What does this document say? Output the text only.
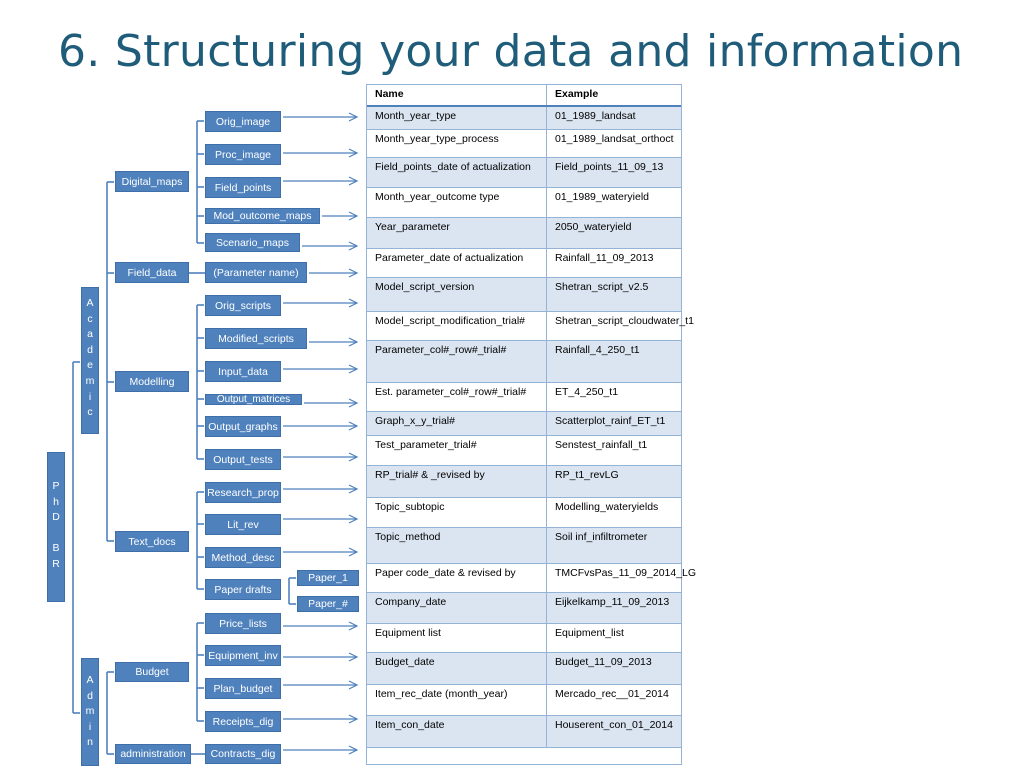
6. Structuring your data and information
P
h
D

B
R
A
c
a
d
e
m
i
c
A
d
m
i
n
Digital_maps
Field_data
Modelling
Text_docs
Budget
administration
Orig_image
Proc_image
Field_points
Mod_outcome_maps
Scenario_maps
(Parameter name)
Orig_scripts
Modified_scripts
Input_data
Output_matrices
Output_graphs
Output_tests
Research_prop
Lit_rev
Method_desc
Paper drafts
Price_lists
Equipment_inv
Plan_budget
Receipts_dig
Contracts_dig
Paper_1
Paper_#
Name	Example
Month_year_type	01_1989_landsat
Month_year_type_process	01_1989_landsat_orthoct
Field_points_date of actualization	Field_points_11_09_13
Month_year_outcome type	01_1989_wateryield
Year_parameter	2050_wateryield
Parameter_date of actualization	Rainfall_11_09_2013
Model_script_version	Shetran_script_v2.5
Model_script_modification_trial#	Shetran_script_cloudwater_t1
Parameter_col#_row#_trial#	Rainfall_4_250_t1
Est. parameter_col#_row#_trial#	ET_4_250_t1
Graph_x_y_trial#	Scatterplot_rainf_ET_t1
Test_parameter_trial#	Senstest_rainfall_t1
RP_trial# & _revised by	RP_t1_revLG
Topic_subtopic	Modelling_wateryields
Topic_method	Soil inf_infiltrometer
Paper code_date & revised by	TMCFvsPas_11_09_2014_LG
Company_date	Eijkelkamp_11_09_2013
Equipment list	Equipment_list
Budget_date	Budget_11_09_2013
Item_rec_date (month_year)	Mercado_rec__01_2014
Item_con_date	Houserent_con_01_2014
